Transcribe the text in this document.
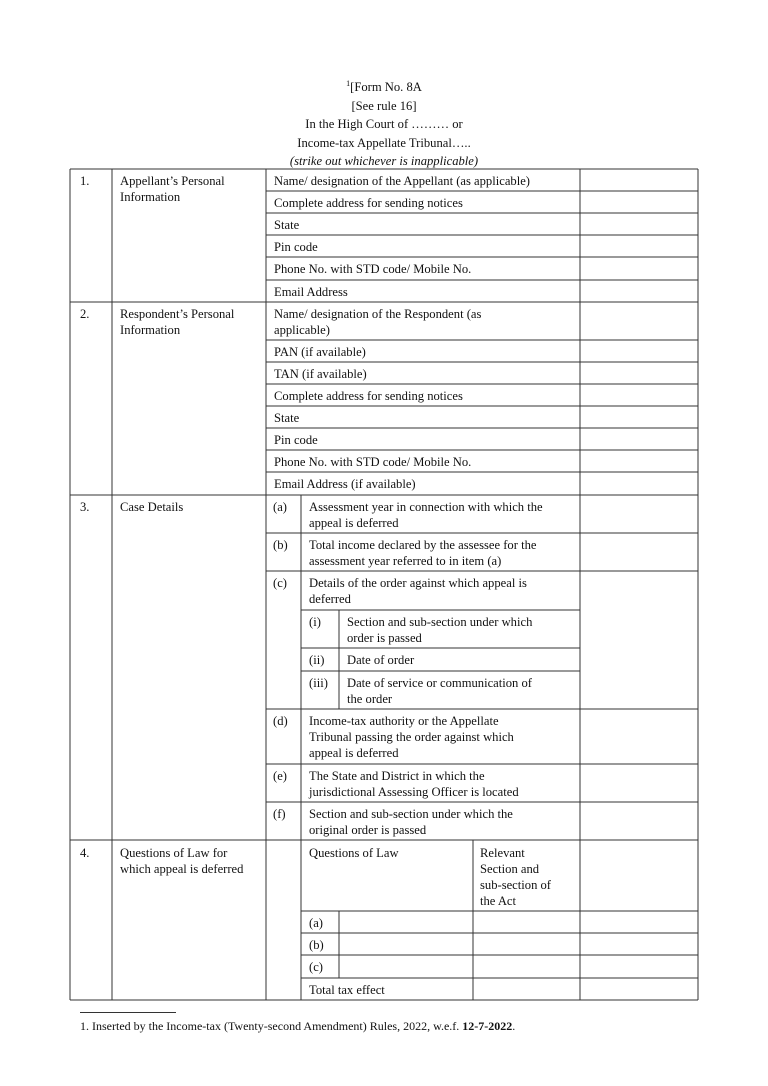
$^1$[Form No. 8A
[See rule 16]
In the High Court of ……… or
Income-tax Appellate Tribunal…..
(strike out whichever is inapplicable)
1. Appellant’s Personal
Information
Name/ designation of the Appellant (as applicable)
Complete address for sending notices
State
Pin code
Phone No. with STD code/ Mobile No.
Email Address
2. Respondent’s Personal
Information
Name/ designation of the Respondent (as
applicable)
PAN (if available)
TAN (if available)
Complete address for sending notices
State
Pin code
Phone No. with STD code/ Mobile No.
Email Address (if available)
3. Case Details	(a) Assessment year in connection with which the
appeal is deferred
(b) Total income declared by the assessee for the
assessment year referred to in item (a)
(c) Details of the order against which appeal is
deferred
(i) Section and sub-section under which
order is passed
(ii) Date of order
(iii) Date of service or communication of
the order
(d) Income-tax authority or the Appellate
Tribunal passing the order against which
appeal is deferred
(e) The State and District in which the
jurisdictional Assessing Officer is located
(f) Section and sub-section under which the
original order is passed
4. Questions of Law for
which appeal is deferred
Questions of Law	Relevant
Section and
sub-section of
the Act
(a)
(b)
(c)
Total tax effect
1. Inserted by the Income-tax (Twenty-second Amendment) Rules, 2022, w.e.f. 12-7-2022.
